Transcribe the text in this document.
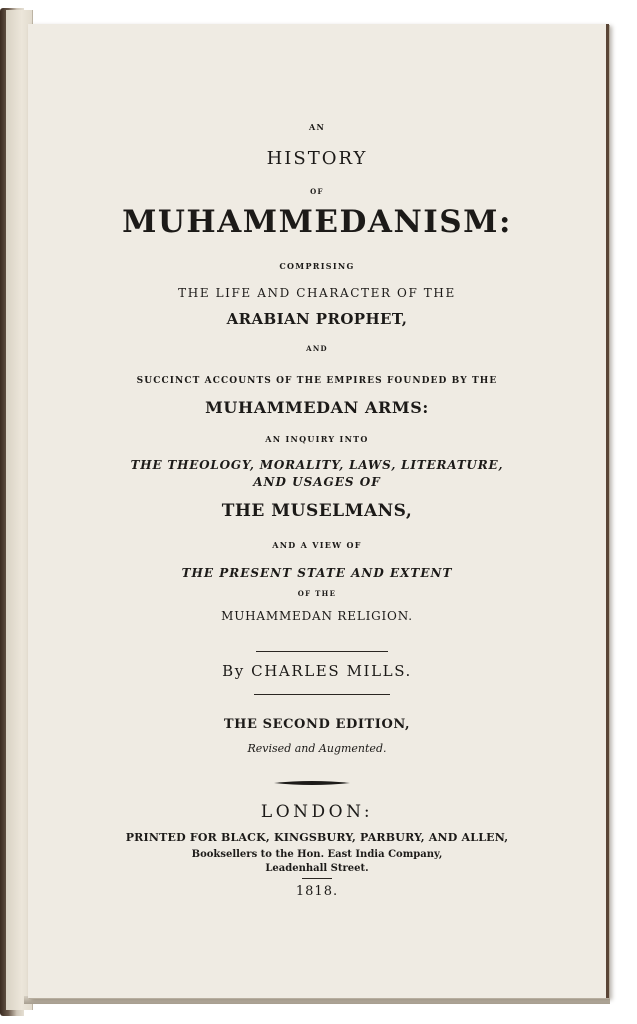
AN

HISTORY

OF

MUHAMMEDANISM:

COMPRISING

THE LIFE AND CHARACTER OF THE

ARABIAN PROPHET,

AND

SUCCINCT ACCOUNTS OF THE EMPIRES FOUNDED BY THE

MUHAMMEDAN ARMS:

AN INQUIRY INTO

THE THEOLOGY, MORALITY, LAWS, LITERATURE,

AND USAGES OF

THE MUSELMANS,

AND A VIEW OF

THE PRESENT STATE AND EXTENT

OF THE

MUHAMMEDAN RELIGION.

By CHARLES MILLS.

THE SECOND EDITION,

Revised and Augmented.

LONDON:

PRINTED FOR BLACK, KINGSBURY, PARBURY, AND ALLEN,

Booksellers to the Hon. East India Company,

Leadenhall Street.

1818.
